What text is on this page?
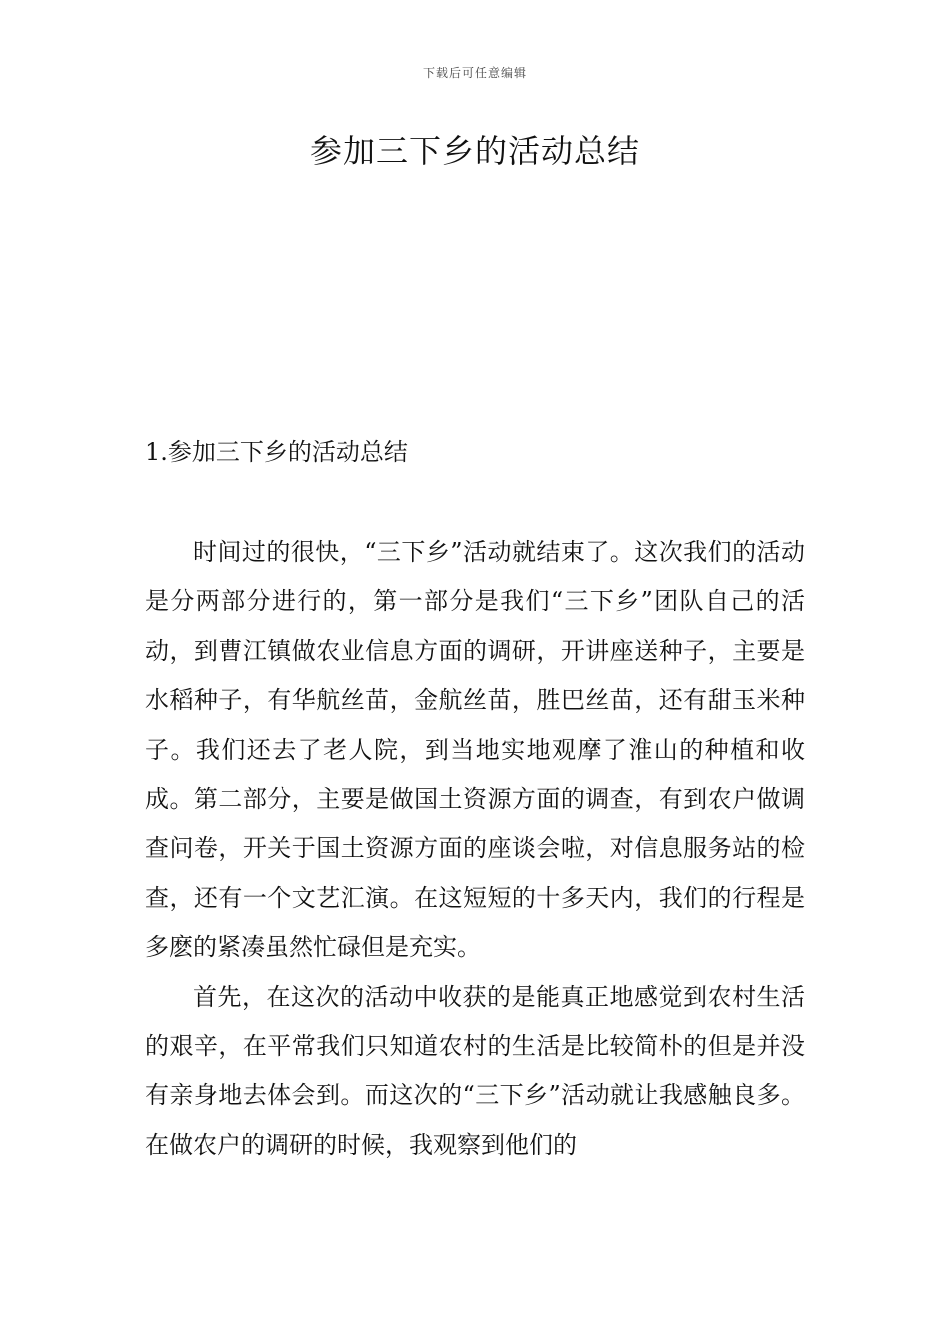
下载后可任意编辑
参加三下乡的活动总结
1.参加三下乡的活动总结

时间过的很快，“三下乡”活动就结束了。这次我们的活动是分两部分进行的，第一部分是我们“三下乡”团队自己的活动，到曹江镇做农业信息方面的调研，开讲座送种子，主要是水稻种子，有华航丝苗，金航丝苗，胜巴丝苗，还有甜玉米种子。我们还去了老人院，到当地实地观摩了淮山的种植和收成。第二部分，主要是做国土资源方面的调查，有到农户做调查问卷，开关于国土资源方面的座谈会啦，对信息服务站的检查，还有一个文艺汇演。在这短短的十多天内，我们的行程是多麽的紧凑虽然忙碌但是充实。

首先，在这次的活动中收获的是能真正地感觉到农村生活的艰辛，在平常我们只知道农村的生活是比较简朴的但是并没有亲身地去体会到。而这次的“三下乡”活动就让我感触良多。在做农户的调研的时候，我观察到他们的
